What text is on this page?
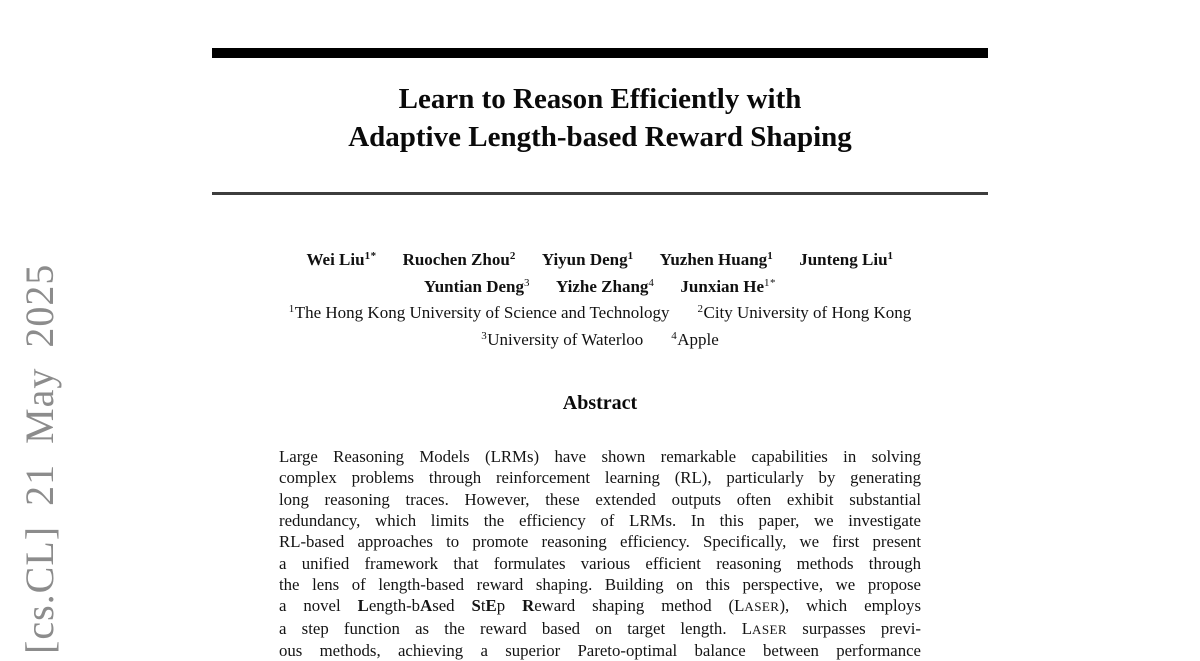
[cs.CL] 21 May 2025
Learn to Reason Efficiently with
Adaptive Length-based Reward Shaping
Wei Liu$^{1*}$ Ruochen Zhou$^2$ Yiyun Deng$^1$ Yuzhen Huang$^1$ Junteng Liu$^1$
Yuntian Deng$^3$ Yizhe Zhang$^4$ Junxian $He^{1*}$
$^1$The Hong Kong University of Science and Technology	$^2$City University of Hong Kong
$^3$University of Waterloo	$^4$Apple
Abstract
Large Reasoning Models (LRMs) have shown remarkable capabilities in solving
complex problems through reinforcement learning (RL), particularly by generating
long reasoning traces. However, these extended outputs often exhibit substantial
redundancy, which limits the efficiency of LRMs. In this paper, we investigate
RL-based approaches to promote reasoning efficiency. Specifically, we first present
a unified framework that formulates various efficient reasoning methods through
the lens of length-based reward shaping. Building on this perspective, we propose
a novel Length-bAsed StEp Reward shaping method (LASER), which employs
a step function as the reward based on target length. LASER surpasses previ-
ous methods, achieving a superior Pareto-optimal balance between performance
